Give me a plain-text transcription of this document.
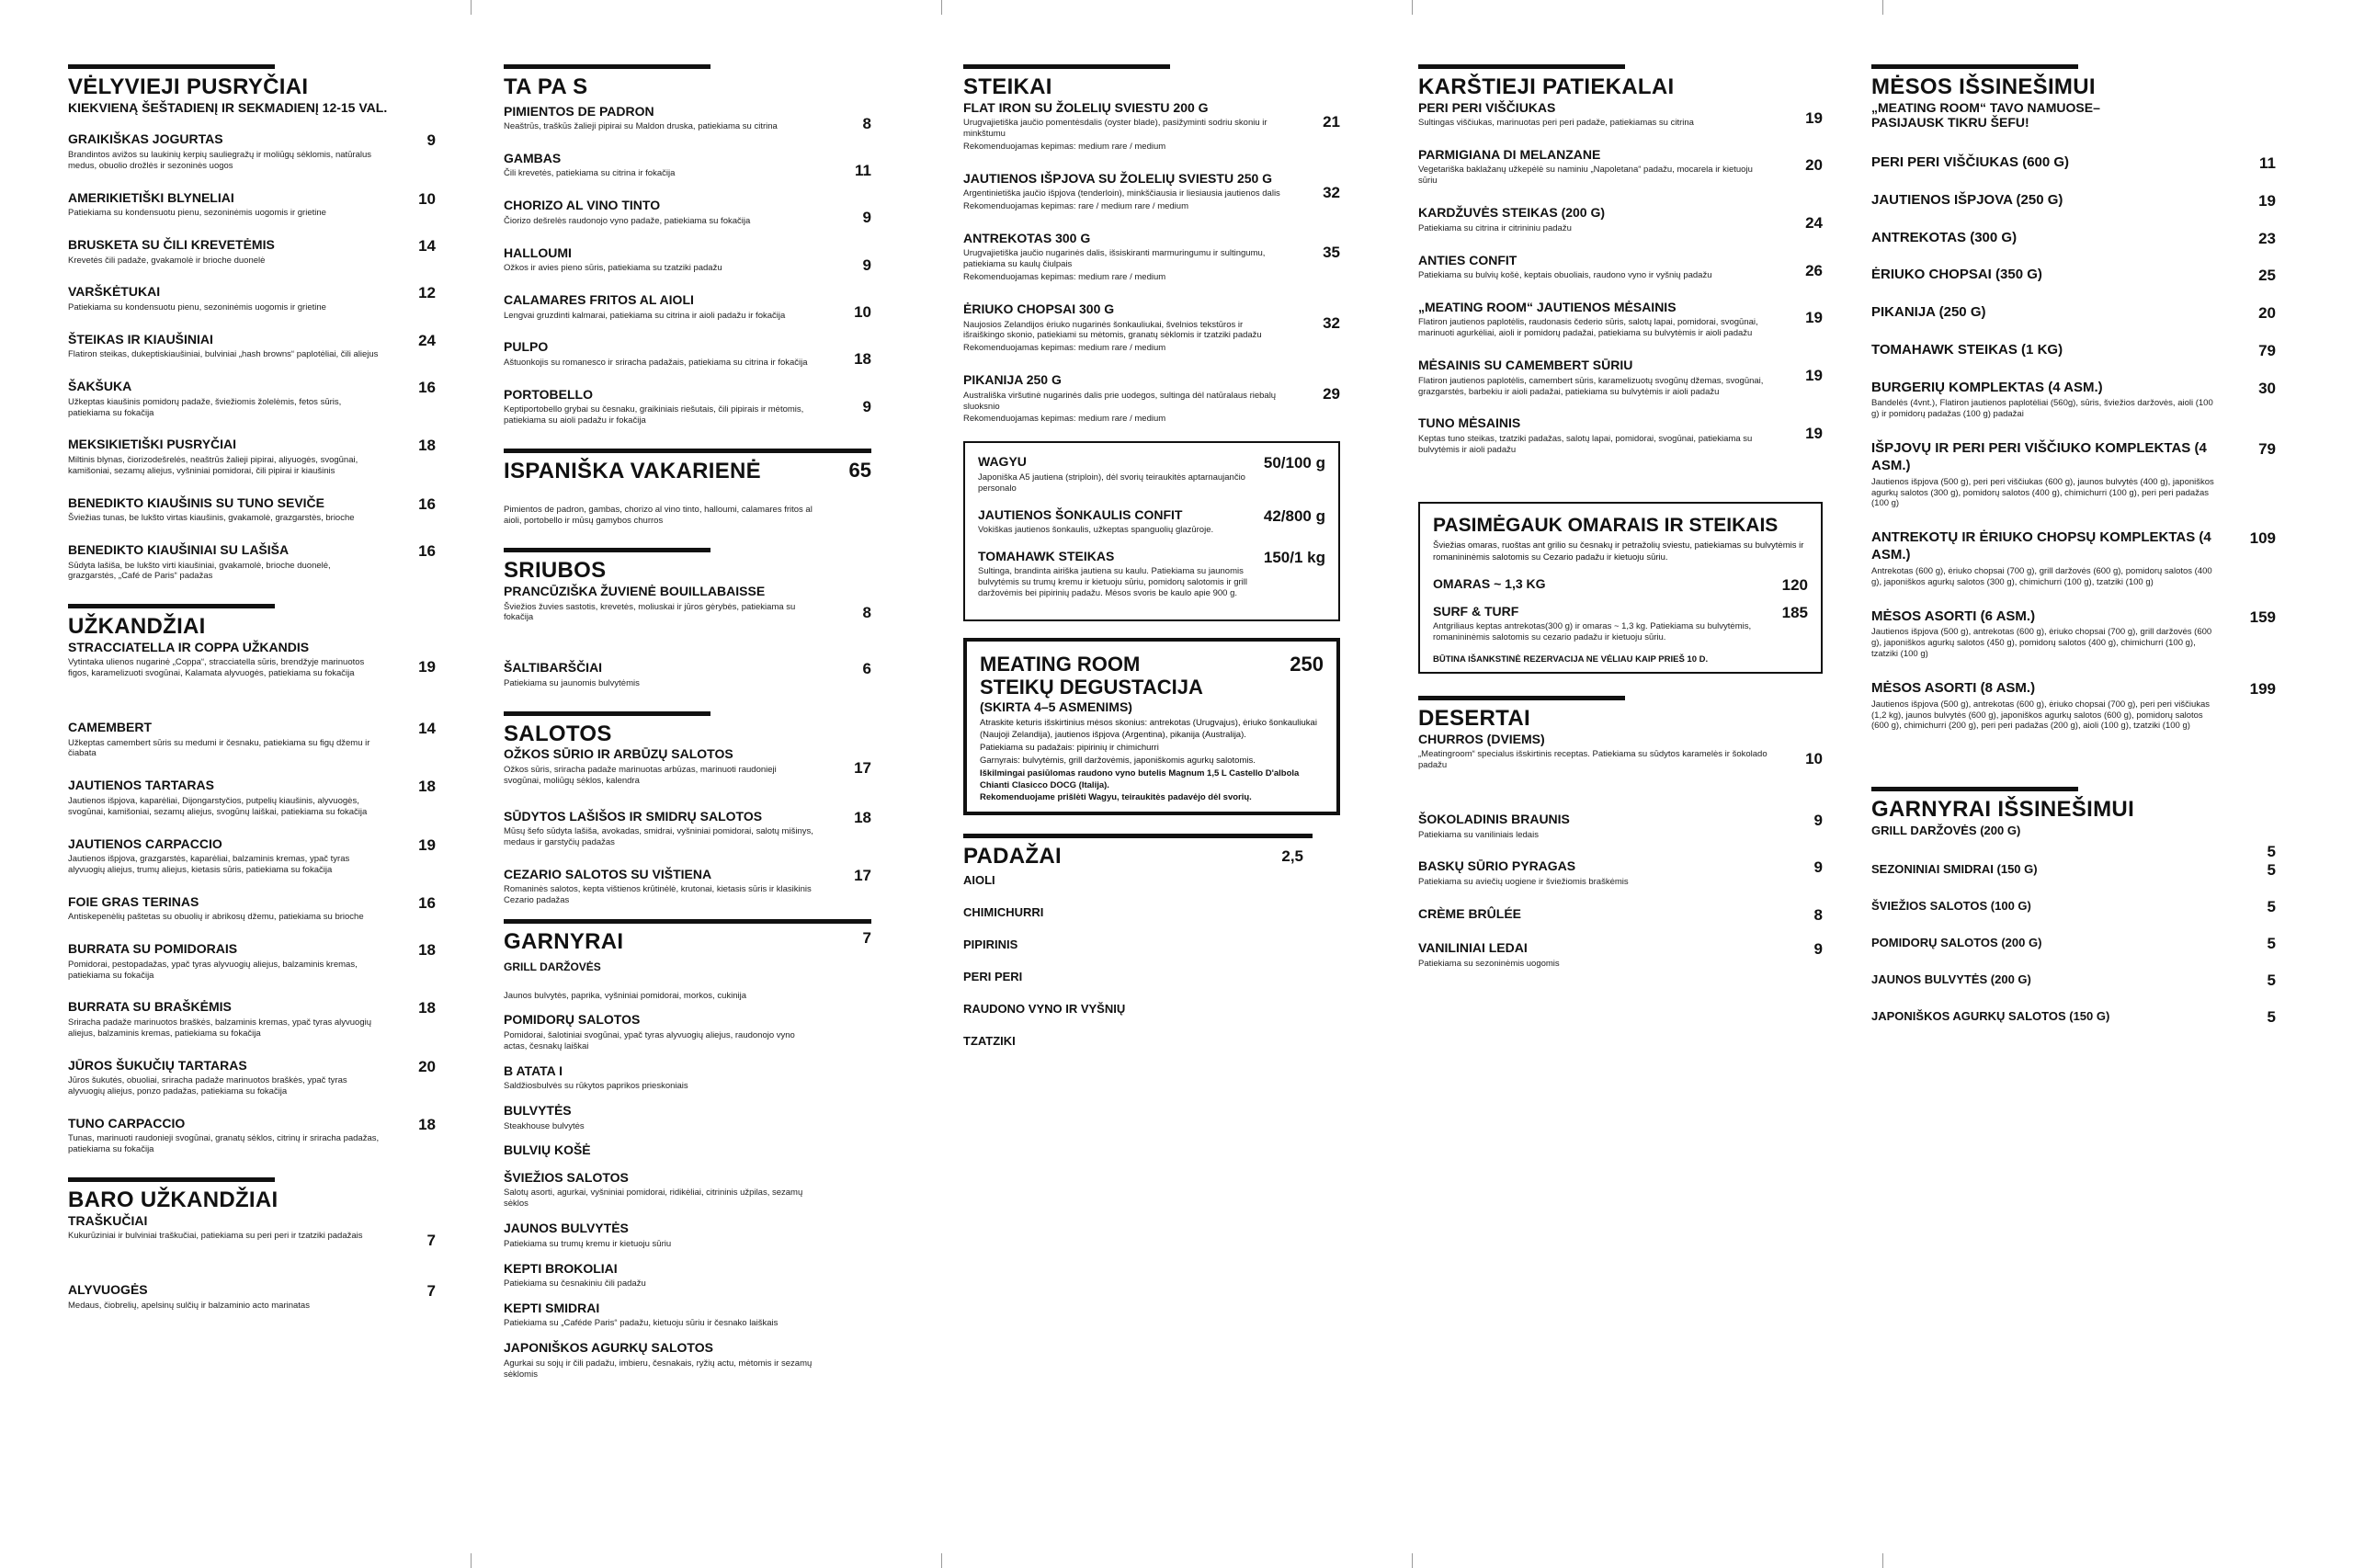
VĖLYVIEJI PUSRYČIAI
KIEKVIENĄ ŠEŠTADIENĮ IR SEKMADIENĮ 12-15 VAL.
GRAIKIŠKAS JOGURTAS
Brandintos avižos su laukinių kerpių sauliegražų ir moliūgų sėklomis, natūralus medus, obuolio drožlės ir sezoninės uogos
9
AMERIKIETIŠKI BLYNELIAI
Patiekiama su kondensuotu pienu, sezoninėmis uogomis ir grietine
10
BRUSKETA SU ČILI KREVETĖMIS
Krevetės čili padaže, gvakamolė ir brioche duonelė
14
VARŠKĖTUKAI
Patiekiama su kondensuotu pienu, sezoninėmis uogomis ir grietine
12
ŠTEIKAS IR KIAUŠINIAI
Flatiron steikas, dukeptiskiaušiniai, bulviniai „hash browns“ paplotėliai, čili aliejus
24
ŠAKŠUKA
Užkeptas kiaušinis pomidorų padaže, šviežiomis žolelėmis, fetos sūris, patiekiama su fokačija
16
MEKSIKIETIŠKI PUSRYČIAI
Miltinis blynas, čiorizodešrelės, neaštrūs žalieji pipirai, aliyuogės, svogūnai, kamišoniai, sezamų aliejus, vyšniniai pomidorai, čili pipirai ir kiaušinis
18
BENEDIKTO KIAUŠINIS SU TUNO SEVIČE
Šviežias tunas, be lukšto virtas kiaušinis, gvakamolė, grazgarstės, brioche
16
BENEDIKTO KIAUŠINIAI SU LAŠIŠA
Sūdyta lašiša, be lukšto virti kiaušiniai, gvakamolė, brioche duonelė, grazgarstės, „Café de Paris“ padažas
16
UŽKANDŽIAI
STRACCIATELLA IR COPPA UŽKANDIS
Vytintaka ulienos nugarinė „Coppa“, stracciatella sūris, brendžyje marinuotos figos, karamelizuoti svogūnai, Kalamata alyvuogės, patiekiama su fokačija	19
CAMEMBERT
Užkeptas camembert sūris su medumi ir česnaku, patiekiama su figų džemu ir čiabata
14
JAUTIENOS TARTARAS
Jautienos išpjova, kaparėliai, Dijongarstyčios, putpelių kiaušinis, alyvuogės, svogūnai, kamišoniai, sezamų aliejus, svogūnų laiškai, patiekiama su fokačija
18
JAUTIENOS CARPACCIO
Jautienos išpjova, grazgarstės, kaparėliai, balzaminis kremas, ypač tyras alyvuogių aliejus, trumų aliejus, kietasis sūris, patiekiama su fokačija
19
FOIE GRAS TERINAS
Antiskepenėlių paštetas su obuolių ir abrikosų džemu, patiekiama su brioche
16
BURRATA SU POMIDORAIS
Pomidorai, pestopadažas, ypač tyras alyvuogių aliejus, balzaminis kremas, patiekiama su fokačija
18
BURRATA SU BRAŠKĖMIS
Sriracha padaže marinuotos braškės, balzaminis kremas, ypač tyras alyvuogių aliejus, balzaminis kremas, patiekiama su fokačija
18
JŪROS ŠUKUČIŲ TARTARAS
Jūros šukutės, obuoliai, sriracha padaže marinuotos braškės, ypač tyras alyvuogių aliejus, ponzo padažas, patiekiama su fokačija
20
TUNO CARPACCIO
Tunas, marinuoti raudonieji svogūnai, granatų sėklos, citrinų ir sriracha padažas, patiekiama su fokačija
18
BARO UŽKANDŽIAI
TRAŠKUČIAI
Kukurūziniai ir bulviniai traškučiai, patiekiama su peri peri ir tzatziki padažais	7
ALYVUOGĖS
Medaus, čiobrelių, apelsinų sulčių ir balzaminio acto marinatas
7
TA PA S
PIMIENTOS DE PADRON
Neaštrūs, traškūs žalieji pipirai su Maldon druska, patiekiama su citrina	8
GAMBAS
Čili krevetės, patiekiama su citrina ir fokačija	11
CHORIZO AL VINO TINTO
Čiorizo dešrelės raudonojo vyno padaže, patiekiama su fokačija	9
HALLOUMI
Ožkos ir avies pieno sūris, patiekiama su tzatziki padažu	9
CALAMARES FRITOS AL AIOLI
Lengvai gruzdinti kalmarai, patiekiama su citrina ir aioli padažu ir fokačija	10
PULPO
Aštuonkojis su romanesco ir sriracha padažais, patiekiama su citrina ir fokačija	18
PORTOBELLO
Keptiportobello grybai su česnaku, graikiniais riešutais, čili pipirais ir mėtomis, patiekiama su aioli padažu ir fokačija
9
ISPANIŠKA VAKARIENĖ	65
Pimientos de padron, gambas, chorizo al vino tinto, halloumi, calamares fritos al aioli, portobello ir mūsų gamybos churros
SRIUBOS
PRANCŪZIŠKA ŽUVIENĖ BOUILLABAISSE
Šviežios žuvies sastotis, krevetės, moliuskai ir jūros gėrybės, patiekiama su fokačija	8
ŠALTIBARŠČIAI
Patiekiama su jaunomis bulvytėmis
6
SALOTOS
OŽKOS SŪRIO IR ARBŪZŲ SALOTOS
Ožkos sūris, sriracha padaže marinuotas arbūzas, marinuoti raudonieji svogūnai, moliūgų sėklos, kalendra
17
SŪDYTOS LAŠIŠOS IR SMIDRŲ SALOTOS
Mūsų šefo sūdyta lašiša, avokadas, smidrai, vyšniniai pomidorai, salotų mišinys, medaus ir garstyčių padažas
18
CEZARIO SALOTOS SU VIŠTIENA
Romaninės salotos, kepta vištienos krūtinėlė, krutonai, kietasis sūris ir klasikinis Cezario padažas
17
GARNYRAI	7
GRILL DARŽOVĖS
Jaunos bulvytės, paprika, vyšniniai pomidorai, morkos, cukinija
POMIDORŲ SALOTOS
Pomidorai, šalotiniai svogūnai, ypač tyras alyvuogių aliejus, raudonojo vyno actas, česnakų laiškai
B ATATA I
Saldžiosbulvės su rūkytos paprikos prieskoniais
BULVYTĖS
Steakhouse bulvytės
BULVIŲ KOŠĖ
ŠVIEŽIOS SALOTOS
Salotų asorti, agurkai, vyšniniai pomidorai, ridikėliai, citrininis užpilas, sezamų sėklos
JAUNOS BULVYTĖS
Patiekiama su trumų kremu ir kietuoju sūriu
KEPTI BROKOLIAI
Patiekiama su česnakiniu čili padažu
KEPTI SMIDRAI
Patiekiama su „Caféde Paris“ padažu, kietuoju sūriu ir česnako laiškais
JAPONIŠKOS AGURKŲ SALOTOS
Agurkai su sojų ir čili padažu, imbieru, česnakais, ryžių actu, mėtomis ir sezamų sėklomis
STEIKAI
FLAT IRON SU ŽOLELIŲ SVIESTU 200 G
Urugvajietiška jaučio pomentėsdalis (oyster blade), pasižyminti sodriu skoniu ir minkštumu
Rekomenduojamas kepimas: medium rare / medium
21
JAUTIENOS IŠPJOVA SU ŽOLELIŲ SVIESTU 250 G
Argentinietiška jaučio išpjova (tenderloin), minkščiausia ir liesiausia jautienos dalis
Rekomenduojamas kepimas: rare / medium rare / medium
32
ANTREKOTAS 300 G
Urugvajietiška jaučio nugarinės dalis, išsiskiranti marmuringumu ir sultingumu, patiekiama su kaulų čiulpais
Rekomenduojamas kepimas: medium rare / medium
35
ĖRIUKO CHOPSAI 300 G
Naujosios Zelandijos ėriuko nugarinės šonkauliukai, švelnios tekstūros ir išraiškingo skonio, patiekiami su mėtomis, granatų sėklomis ir tzatziki padažu
Rekomenduojamas kepimas: medium rare / medium
32
PIKANIJA 250 G
Australiška viršutinė nugarinės dalis prie uodegos, sultinga dėl natūralaus riebalų sluoksnio
Rekomenduojamas kepimas: medium rare / medium
29
WAGYU
Japoniška A5 jautiena (striploin), dėl svorių teiraukitės aptarnaujančio personalo
50/100 g
JAUTIENOS ŠONKAULIS CONFIT
Vokiškas jautienos šonkaulis, užkeptas spanguolių glazūroje.
42/800 g
TOMAHAWK STEIKAS
Sultinga, brandinta airiška jautiena su kaulu. Patiekiama su jaunomis bulvytėmis su trumų kremu ir kietuoju sūriu, pomidorų salotomis ir grill daržovėmis bei pipirinių padažu. Mėsos svoris be kaulo apie 900 g.
150/1 kg
MEATING ROOM
STEIKŲ DEGUSTACIJA
250
(SKIRTA 4–5 ASMENIMS)
Atraskite keturis išskirtinius mėsos skonius: antrekotas (Urugvajus), ėriuko šonkauliukai (Naujoji Zelandija), jautienos išpjova (Argentina), pikanija (Australija).
Patiekiama su padažais: pipirinių ir chimichurri
Garnyrais: bulvytėmis, grill daržovėmis, japoniškomis agurkų salotomis.
Iškilmingai pasiūlomas raudono vyno butelis Magnum 1,5 L Castello D'albola Chianti Clasicco DOCG (Italija).
Rekomenduojame prišlėti Wagyu, teiraukitės padavėjo dėl svorių.
PADAŽAI	2,5
AIOLI
CHIMICHURRI
PIPIRINIS
PERI PERI
RAUDONO VYNO IR VYŠNIŲ
TZATZIKI
KARŠTIEJI PATIEKALAI
PERI PERI VIŠČIUKAS
Sultingas viščiukas, marinuotas peri peri padaže, patiekiamas su citrina	19
PARMIGIANA DI MELANZANE
Vegetariška baklažanų užkepėlė su naminiu „Napoletana“ padažu, mocarela ir kietuoju sūriu
20
KARDŽUVĖS STEIKAS (200 G)
Patiekiama su citrina ir citrininiu padažu	24
ANTIES CONFIT
Patiekiama su bulvių košė, keptais obuoliais, raudono vyno ir vyšnių padažu	26
„MEATING ROOM“ JAUTIENOS MĖSAINIS
Flatiron jautienos paplotėlis, raudonasis čederio sūris, salotų lapai, pomidorai, svogūnai, marinuoti agurkėliai, aioli ir pomidorų padažai, patiekiama su bulvytėmis ir aioli padažu
19
MĖSAINIS SU CAMEMBERT SŪRIU
Flatiron jautienos paplotėlis, camembert sūris, karamelizuotų svogūnų džemas, svogūnai, grazgarstės, barbekiu ir aioli padažai, patiekiama su bulvytėmis ir aioli padažu
19
TUNO MĖSAINIS
Keptas tuno steikas, tzatziki padažas, salotų lapai, pomidorai, svogūnai, patiekiama su bulvytėmis ir aioli padažu
19
PASIMĖGAUK OMARAIS IR STEIKAIS
Šviežias omaras, ruoštas ant grilio su česnakų ir petražolių sviestu, patiekiamas su bulvytėmis ir romanininėmis salotomis su Cezario padažu ir kietuoju sūriu.
OMARAS ~ 1,3 KG	120
SURF & TURF
Antgriliaus keptas antrekotas(300 g) ir omaras ~ 1,3 kg. Patiekiama su bulvytėmis, romanininėmis salotomis su cezario padažu ir kietuoju sūriu.
185
BŪTINA IŠANKSTINĖ REZERVACIJA NE VĖLIAU KAIP PRIEŠ 10 D.
DESERTAI
CHURROS (DVIEMS)
„Meatingroom“ specialus išskirtinis receptas. Patiekiama su sūdytos karamelės ir šokolado padažu	10
ŠOKOLADINIS BRAUNIS
Patiekiama su vaniliniais ledais
9
BASKŲ SŪRIO PYRAGAS
Patiekiama su aviečių uogiene ir šviežiomis braškėmis
9
CRÈME BRÛLÉE	8
VANILINIAI LEDAI
Patiekiama su sezoninėmis uogomis
9
MĖSOS IŠSINEŠIMUI
„MEATING ROOM“ TAVO NAMUOSE–
PASIJAUSK TIKRU ŠEFU!
PERI PERI VIŠČIUKAS (600 G)	11
JAUTIENOS IŠPJOVA (250 G)	19
ANTREKOTAS (300 G)	23
ĖRIUKO CHOPSAI (350 G)	25
PIKANIJA (250 G)	20
TOMAHAWK STEIKAS (1 KG)	79
BURGERIŲ KOMPLEKTAS (4 ASM.)
Bandelės (4vnt.), Flatiron jautienos paplotėliai (560g), sūris, šviežios daržovės, aioli (100 g) ir pomidorų padažas (100 g) padažai
30
IŠPJOVŲ IR PERI PERI VIŠČIUKO KOMPLEKTAS (4 ASM.)
Jautienos išpjova (500 g), peri peri viščiukas (600 g), jaunos bulvytės (400 g), japoniškos agurkų salotos (300 g), pomidorų salotos (400 g), chimichurri (100 g), peri peri padažas (100 g)
79
ANTREKOTŲ IR ĖRIUKO CHOPSŲ KOMPLEKTAS (4 ASM.)
Antrekotas (600 g), ėriuko chopsai (700 g), grill daržovės (600 g), pomidorų salotos (400 g), japoniškos agurkų salotos (300 g), chimichurri (100 g), tzatziki (100 g)
109
MĖSOS ASORTI (6 ASM.)
Jautienos išpjova (500 g), antrekotas (600 g), ėriuko chopsai (700 g), grill daržovės (600 g), japoniškos agurkų salotos (450 g), pomidorų salotos (400 g), chimichurri (100 g), tzatziki (100 g)
159
MĖSOS ASORTI (8 ASM.)
Jautienos išpjova (500 g), antrekotas (600 g), ėriuko chopsai (700 g), peri peri viščiukas (1,2 kg), jaunos bulvytės (600 g), japoniškos agurkų salotos (600 g), pomidorų salotos (600 g), chimichurri (200 g), peri peri padažas (200 g), aioli (100 g), tzatziki (100 g)
199
GARNYRAI IŠSINEŠIMUI
GRILL DARŽOVĖS (200 G)
5
SEZONINIAI SMIDRAI (150 G)	5
ŠVIEŽIOS SALOTOS (100 G)	5
POMIDORŲ SALOTOS (200 G)	5
JAUNOS BULVYTĖS (200 G)	5
JAPONIŠKOS AGURKŲ SALOTOS (150 G)	5
